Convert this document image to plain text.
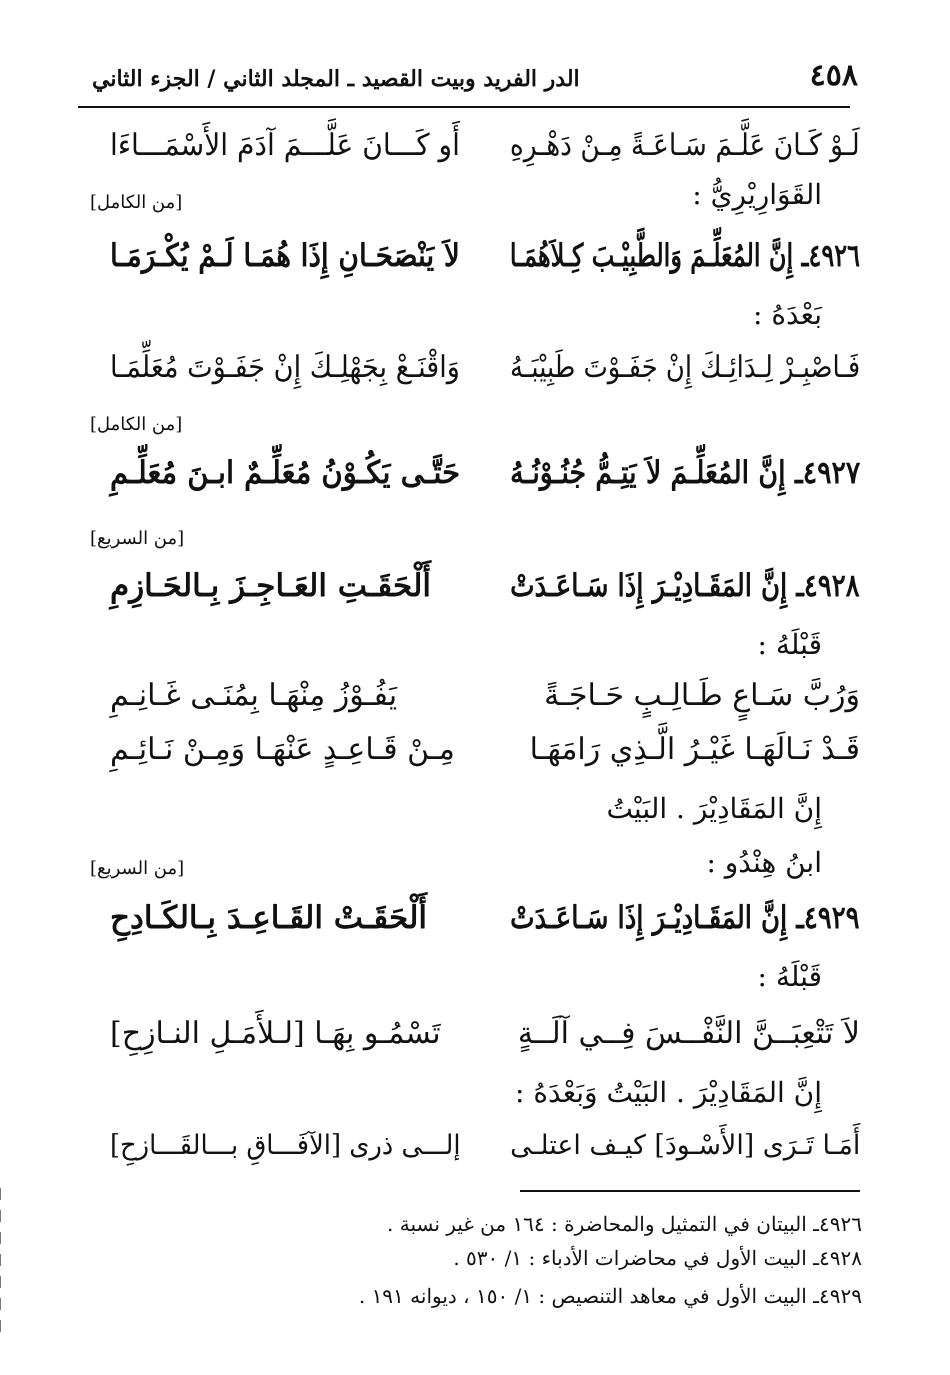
٤٥٨
الدر الفريد وبيت القصيد ـ المجلد الثاني / الجزء الثاني
لَـوْ كَـانَ عَلَّـمَ سَـاعَـةً مِـنْ دَهْـرِهِ
أَو كَـــانَ عَلَّـــمَ آدَمَ الأَسْمَـــاءَا
القَوَارِيْرِيُّ :
[من الكامل]
٤٩٢٦ـ إِنَّ المُعَلِّـمَ وَالطَّبِيْـبَ كِـلاَهُمَـا
لاَ يَنْصَحَـانِ إِذَا هُمَـا لَـمْ يُكْـرَمَـا
بَعْدَهُ :
فَـاصْبِـرْ لِـدَائِـكَ إِنْ جَفَـوْتَ طَبِيْبَـهُ
وَاقْنَـعْ بِجَهْلِـكَ إِنْ جَفَـوْتَ مُعَلِّمَـا
[من الكامل]
٤٩٢٧ـ إِنَّ المُعَلِّـمَ لاَ يَتِـمُّ جُنُـوْنُـهُ
حَتَّـى يَكُـوْنُ مُعَلِّـمٌ ابـنَ مُعَلِّـمِ
[من السريع]
٤٩٢٨ـ إِنَّ المَقَـادِيْـرَ إِذَا سَـاعَـدَتْ
أَلْحَقَـتِ العَـاجِـزَ بِـالحَـازِمِ
قَبْلَهُ :
وَرُبَّ سَـاعٍ طَـالِـبٍ حَـاجَـةً
يَفُـوْزُ مِنْهَـا بِمُنَـى غَـانِـمِ
قَـدْ نَـالَهَـا غَيْـرُ الَّـذِي رَامَهَـا
مِـنْ قَـاعِـدٍ عَنْهَـا وَمِـنْ نَـائِـمِ
إِنَّ المَقَادِيْرَ . البَيْتُ
ابنُ هِنْدُو :
[من السريع]
٤٩٢٩ـ إِنَّ المَقَـادِيْـرَ إِذَا سَـاعَـدَتْ
أَلْحَقَـتْ القَـاعِـدَ بِـالكَـادِحِ
قَبْلَهُ :
لاَ تَتْعِبَــنَّ النَّفْــسَ فِــي آلَــةٍ
تَسْمُـو بِهَـا [لـلأَمَـلِ النـازِحِ]
إِنَّ المَقَادِيْرَ . البَيْتُ وَبَعْدَهُ :
أَمَـا تَـرَى [الأَسْـودَ] كيـف اعتلـى
إلـــى ذرى [الآفَـــاقِ بـــالقَـــازحِ]
٤٩٢٦ـ البيتان في التمثيل والمحاضرة : ١٦٤ من غير نسبة .
٤٩٢٨ـ البيت الأول في محاضرات الأدباء : ١/ ٥٣٠ .
٤٩٢٩ـ البيت الأول في معاهد التنصيص : ١/ ١٥٠ ، ديوانه ١٩١ .
